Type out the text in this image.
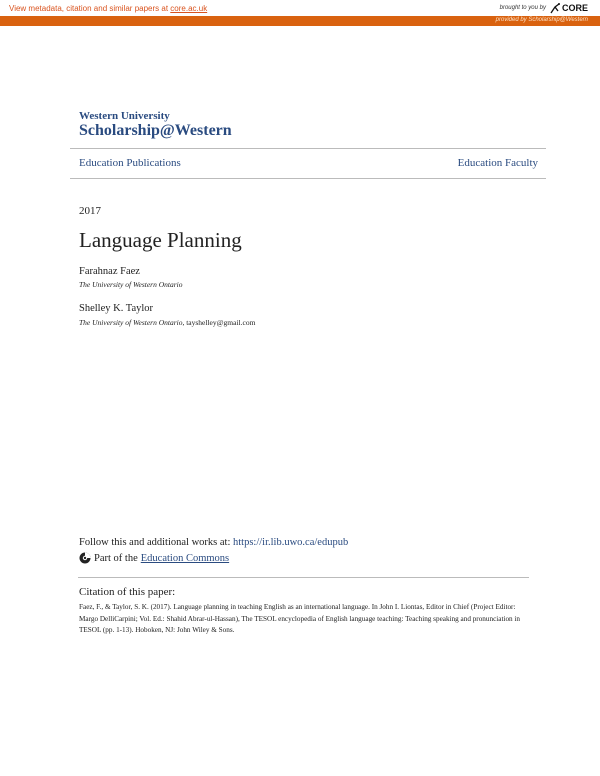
View metadata, citation and similar papers at core.ac.uk	brought to you by CORE
provided by Scholarship@Western
Western University
Scholarship@Western
Education Publications	Education Faculty
2017
Language Planning
Farahnaz Faez
The University of Western Ontario
Shelley K. Taylor
The University of Western Ontario, tayshelley@gmail.com
Follow this and additional works at: https://ir.lib.uwo.ca/edupub
Part of the Education Commons
Citation of this paper:
Faez, F., & Taylor, S. K. (2017). Language planning in teaching English as an international language. In John I. Liontas, Editor in Chief (Project Editor: Margo DelliCarpini; Vol. Ed.: Shahid Abrar-ul-Hassan), The TESOL encyclopedia of English language teaching: Teaching speaking and pronunciation in TESOL (pp. 1-13). Hoboken, NJ: John Wiley & Sons.
